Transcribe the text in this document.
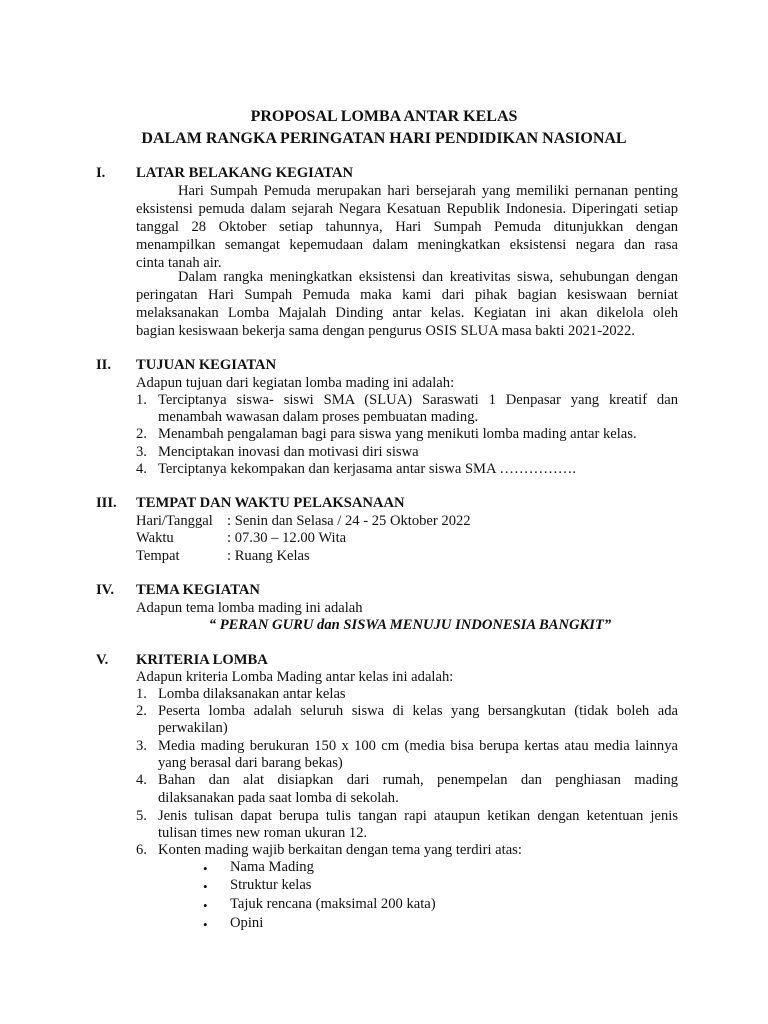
PROPOSAL LOMBA ANTAR KELAS
DALAM RANGKA PERINGATAN HARI PENDIDIKAN NASIONAL
I. LATAR BELAKANG KEGIATAN
Hari Sumpah Pemuda merupakan hari bersejarah yang memiliki pernanan penting
eksistensi pemuda dalam sejarah Negara Kesatuan Republik Indonesia. Diperingati setiap
tanggal 28 Oktober setiap tahunnya, Hari Sumpah Pemuda ditunjukkan dengan
menampilkan semangat kepemudaan dalam meningkatkan eksistensi negara dan rasa
cinta tanah air.
Dalam rangka meningkatkan eksistensi dan kreativitas siswa, sehubungan dengan
peringatan Hari Sumpah Pemuda maka kami dari pihak bagian kesiswaan berniat
melaksanakan Lomba Majalah Dinding antar kelas. Kegiatan ini akan dikelola oleh
bagian kesiswaan bekerja sama dengan pengurus OSIS SLUA masa bakti 2021-2022.
II. TUJUAN KEGIATAN
Adapun tujuan dari kegiatan lomba mading ini adalah:
1. Terciptanya siswa- siswi SMA (SLUA) Saraswati 1 Denpasar yang kreatif dan
menambah wawasan dalam proses pembuatan mading.
2. Menambah pengalaman bagi para siswa yang menikuti lomba mading antar kelas.
3. Menciptakan inovasi dan motivasi diri siswa
4. Terciptanya kekompakan dan kerjasama antar siswa SMA …………….
III. TEMPAT DAN WAKTU PELAKSANAAN
Hari/Tanggal : Senin dan Selasa / 24 - 25 Oktober 2022
Waktu	: 07.30 – 12.00 Wita
Tempat	: Ruang Kelas
IV. TEMA KEGIATAN
Adapun tema lomba mading ini adalah
“ PERAN GURU dan SISWA MENUJU INDONESIA BANGKIT”
V. KRITERIA LOMBA
Adapun kriteria Lomba Mading antar kelas ini adalah:
1. Lomba dilaksanakan antar kelas
2. Peserta lomba adalah seluruh siswa di kelas yang bersangkutan (tidak boleh ada
perwakilan)
3. Media mading berukuran 150 x 100 cm (media bisa berupa kertas atau media lainnya
yang berasal dari barang bekas)
4. Bahan dan alat disiapkan dari rumah, penempelan dan penghiasan mading
dilaksanakan pada saat lomba di sekolah.
5. Jenis tulisan dapat berupa tulis tangan rapi ataupun ketikan dengan ketentuan jenis
tulisan times new roman ukuran 12.
6. Konten mading wajib berkaitan dengan tema yang terdiri atas:
• Nama Mading
• Struktur kelas
• Tajuk rencana (maksimal 200 kata)
• Opini
